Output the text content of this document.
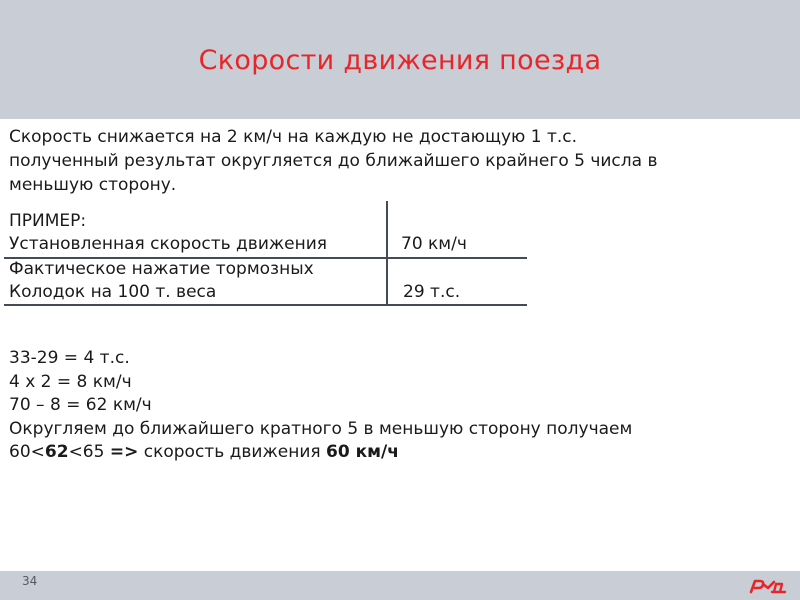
Скорости движения поезда
Скорость снижается на 2 км/ч на каждую не достающую 1 т.с.
полученный результат округляется до ближайшего крайнего 5 числа в
меньшую сторону.
ПРИМЕР:
Установленная скорость движения	70 км/ч
Фактическое нажатие тормозных
Колодок на 100 т. веса	29 т.с.
33-29 = 4 т.с.
4 х 2 = 8 км/ч
70 – 8 = 62 км/ч
Округляем до ближайшего кратного 5 в меньшую сторону получаем
60<62<65 => скорость движения 60 км/ч
34
